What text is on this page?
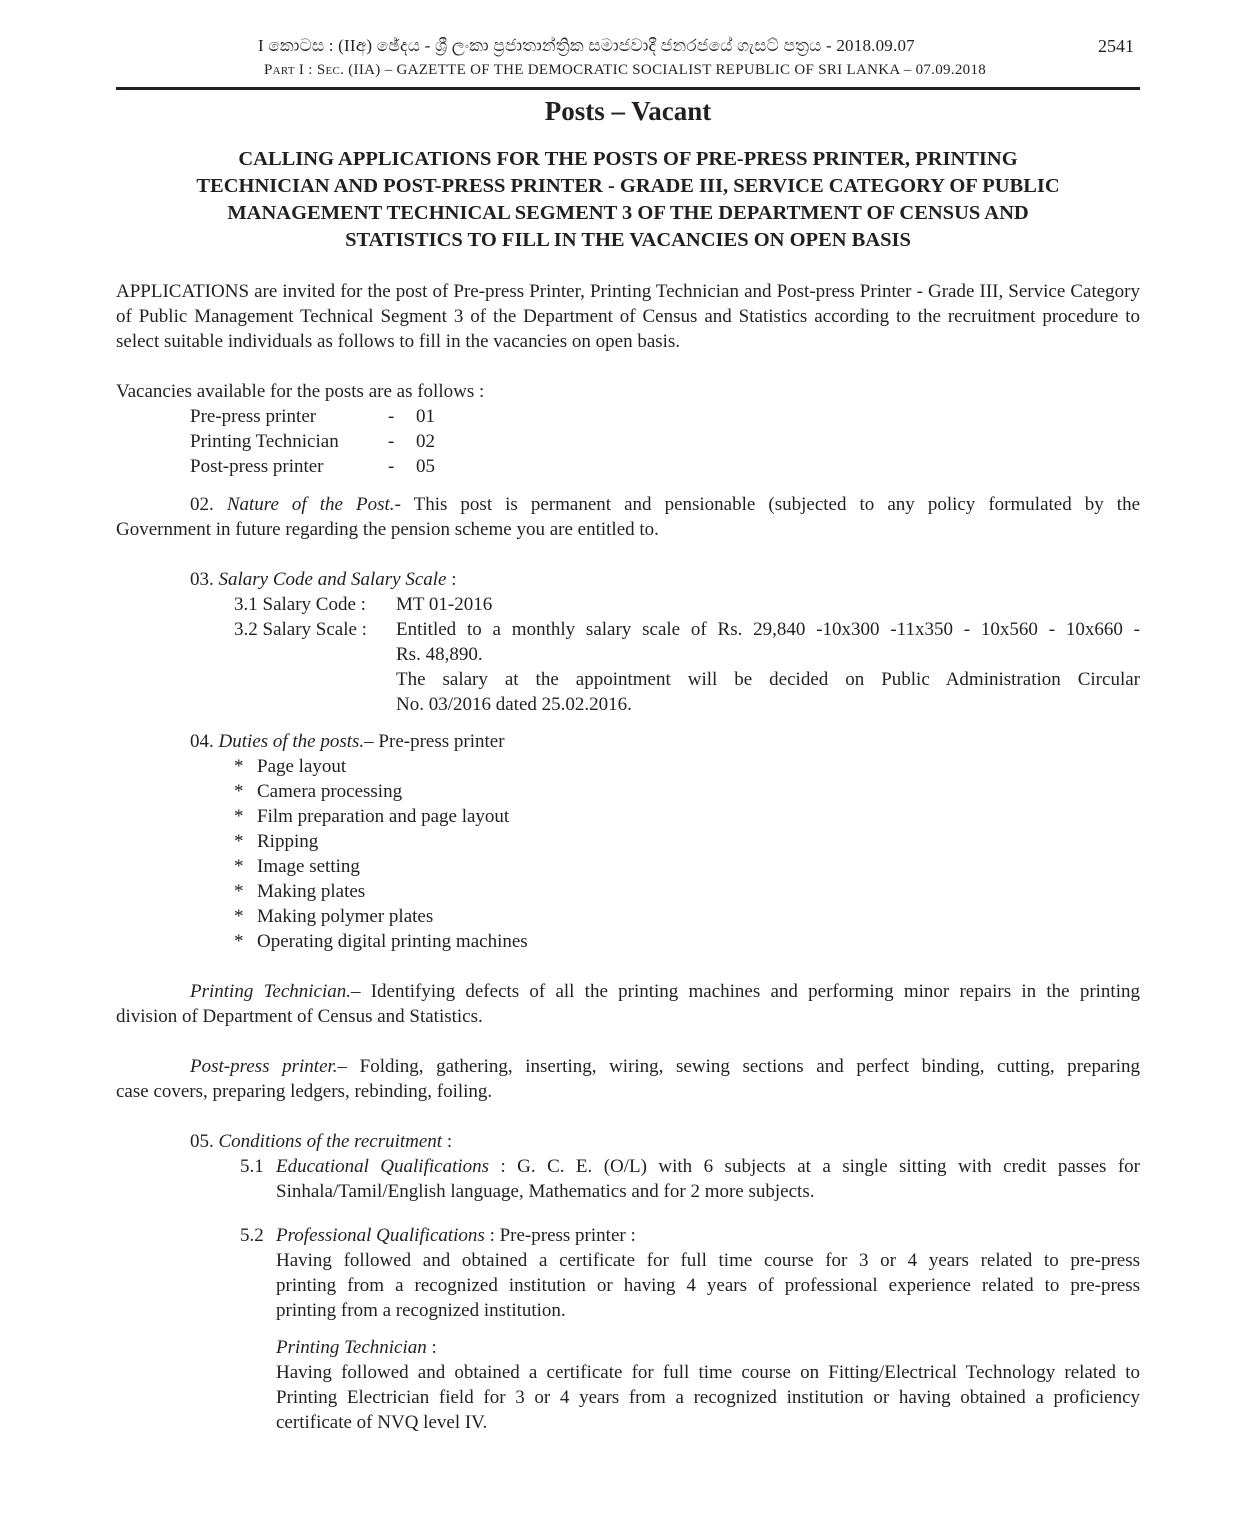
I කොටස : (IIඅ) ඡේදය - ශ්‍රී ලංකා ප්‍රජාතාන්ත්‍රික සමාජවාදී ජනරජයේ ගැසට් පත්‍රය - 2018.09.07	2541
Part I : Sec. (IIA) – GAZETTE OF THE DEMOCRATIC SOCIALIST REPUBLIC OF SRI LANKA – 07.09.2018
Posts – Vacant
CALLING APPLICATIONS FOR THE POSTS OF PRE-PRESS PRINTER, PRINTING
TECHNICIAN AND POST-PRESS PRINTER - GRADE III, SERVICE CATEGORY OF PUBLIC
MANAGEMENT TECHNICAL SEGMENT 3 OF THE DEPARTMENT OF CENSUS AND
STATISTICS TO FILL IN THE VACANCIES ON OPEN BASIS
APPLICATIONS are invited for the post of Pre-press Printer, Printing Technician and Post-press Printer - Grade III, Service Category of Public Management Technical Segment 3 of the Department of Census and Statistics according to the recruitment procedure to select suitable individuals as follows to fill in the vacancies on open basis.
Vacancies available for the posts are as follows :
Pre-press printer	- 01
Printing Technician	- 02
Post-press printer	- 05
02. Nature of the Post.- This post is permanent and pensionable (subjected to any policy formulated by the
Government in future regarding the pension scheme you are entitled to.
03. Salary Code and Salary Scale :
3.1 Salary Code : MT 01-2016
3.2 Salary Scale : Entitled to a monthly salary scale of Rs. 29,840 -10x300 -11x350 - 10x560 - 10x660 -
Rs. 48,890.
The salary at the appointment will be decided on Public Administration Circular
No. 03/2016 dated 25.02.2016.
04. Duties of the posts.– Pre-press printer
* Page layout
* Camera processing
* Film preparation and page layout
* Ripping
* Image setting
* Making plates
* Making polymer plates
* Operating digital printing machines
Printing Technician.– Identifying defects of all the printing machines and performing minor repairs in the printing
division of Department of Census and Statistics.
Post-press printer.– Folding, gathering, inserting, wiring, sewing sections and perfect binding, cutting, preparing
case covers, preparing ledgers, rebinding, foiling.
05. Conditions of the recruitment :
5.1 Educational Qualifications : G. C. E. (O/L) with 6 subjects at a single sitting with credit passes for
Sinhala/Tamil/English language, Mathematics and for 2 more subjects.
5.2 Professional Qualifications : Pre-press printer :
Having followed and obtained a certificate for full time course for 3 or 4 years related to pre-press
printing from a recognized institution or having 4 years of professional experience related to pre-press
printing from a recognized institution.
Printing Technician :
Having followed and obtained a certificate for full time course on Fitting/Electrical Technology related to
Printing Electrician field for 3 or 4 years from a recognized institution or having obtained a proficiency
certificate of NVQ level IV.
